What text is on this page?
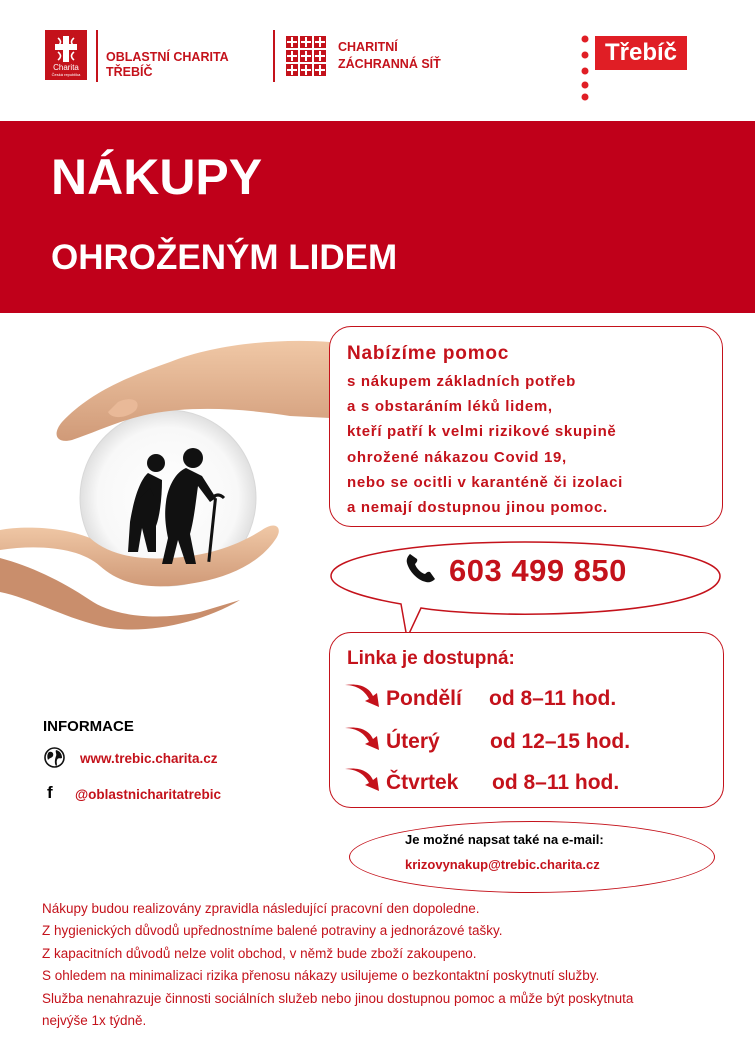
Charita
Česká republika
OBLASTNÍ CHARITA
TŘEBÍČ
CHARITNÍ
ZÁCHRANNÁ SÍŤ	Třebíč
NÁKUPY
OHROŽENÝM LIDEM
Nabízíme pomoc
s nákupem základních potřeb
a s obstaráním léků lidem,
kteří patří k velmi rizikové skupině
ohrožené nákazou Covid 19,
nebo se ocitli v karanténě či izolaci
a nemají dostupnou jinou pomoc.
603 499 850
Linka je dostupná:
Pondělí od 8–11 hod.
Úterý od 12–15 hod.
Čtvrtek od 8–11 hod.
INFORMACE
www.trebic.charita.cz
f @oblastnicharitatrebic
Je možné napsat také na e-mail:
krizovynakup@trebic.charita.cz
Nákupy budou realizovány zpravidla následující pracovní den dopoledne.
Z hygienických důvodů upřednostníme balené potraviny a jednorázové tašky.
Z kapacitních důvodů nelze volit obchod, v němž bude zboží zakoupeno.
S ohledem na minimalizaci rizika přenosu nákazy usilujeme o bezkontaktní poskytnutí služby.
Služba nenahrazuje činnosti sociálních služeb nebo jinou dostupnou pomoc a může být poskytnuta
nejvýše 1x týdně.
